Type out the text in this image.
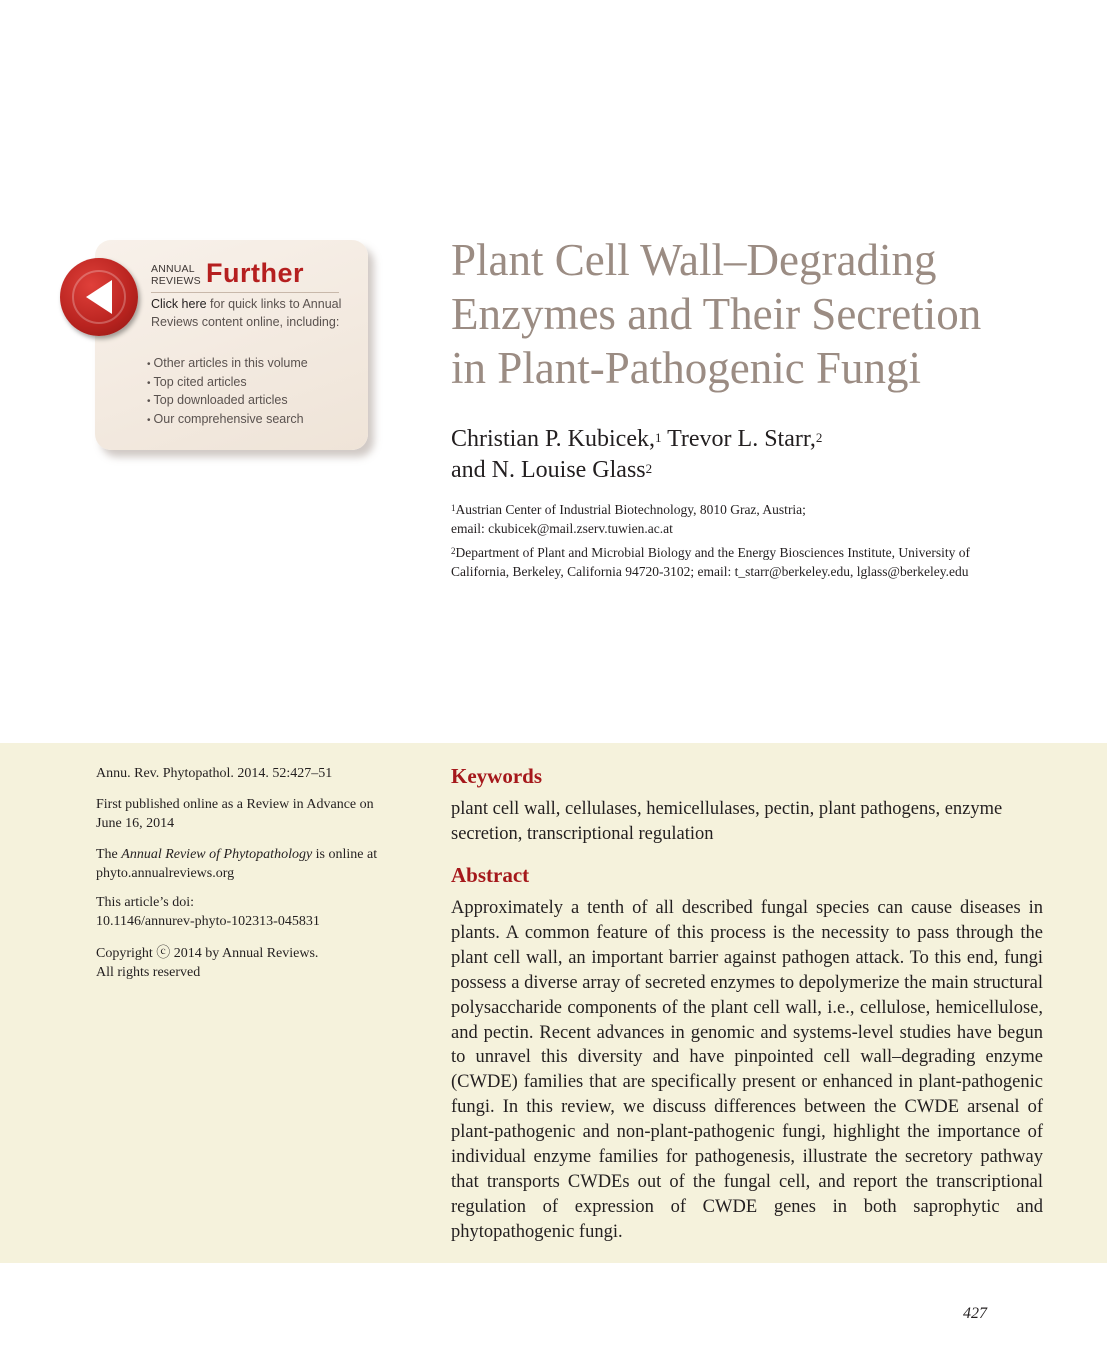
ANNUAL
REVIEWS Further
Click here for quick links to Annual Reviews content online, including:
• Other articles in this volume
• Top cited articles
• Top downloaded articles
• Our comprehensive search
Plant Cell Wall–Degrading
Enzymes and Their Secretion
in Plant-Pathogenic Fungi
Christian P. Kubicek,$^1$ Trevor L. Starr,$^2$
and N. Louise Glass$^2$
$^1$Austrian Center of Industrial Biotechnology, 8010 Graz, Austria;
email: ckubicek@mail.zserv.tuwien.ac.at
$^2$Department of Plant and Microbial Biology and the Energy Biosciences Institute, University of
California, Berkeley, California 94720-3102; email: t_starr@berkeley.edu, lglass@berkeley.edu
Annu. Rev. Phytopathol. 2014. 52:427–51
First published online as a Review in Advance on
June 16, 2014
The Annual Review of Phytopathology is online at
phyto.annualreviews.org
This article’s doi:
10.1146/annurev-phyto-102313-045831
Copyright ⓒ 2014 by Annual Reviews.
All rights reserved
Keywords
plant cell wall, cellulases, hemicellulases, pectin, plant pathogens, enzyme
secretion, transcriptional regulation
Abstract

Approximately a tenth of all described fungal species can cause diseases in plants. A common feature of this process is the necessity to pass through the plant cell wall, an important barrier against pathogen attack. To this end, fungi possess a diverse array of secreted enzymes to depolymerize the main structural polysaccharide components of the plant cell wall, i.e., cellulose, hemicellulose, and pectin. Recent advances in genomic and systems-level studies have begun to unravel this diversity and have pinpointed cell wall–degrading enzyme (CWDE) families that are specifically present or enhanced in plant-pathogenic fungi. In this review, we discuss differences between the CWDE arsenal of plant-pathogenic and non-plant-pathogenic fungi, highlight the importance of individual enzyme families for pathogenesis, illustrate the secretory pathway that transports CWDEs out of the fungal cell, and report the transcriptional regulation of expression of CWDE genes in both saprophytic and phytopathogenic fungi.

427
